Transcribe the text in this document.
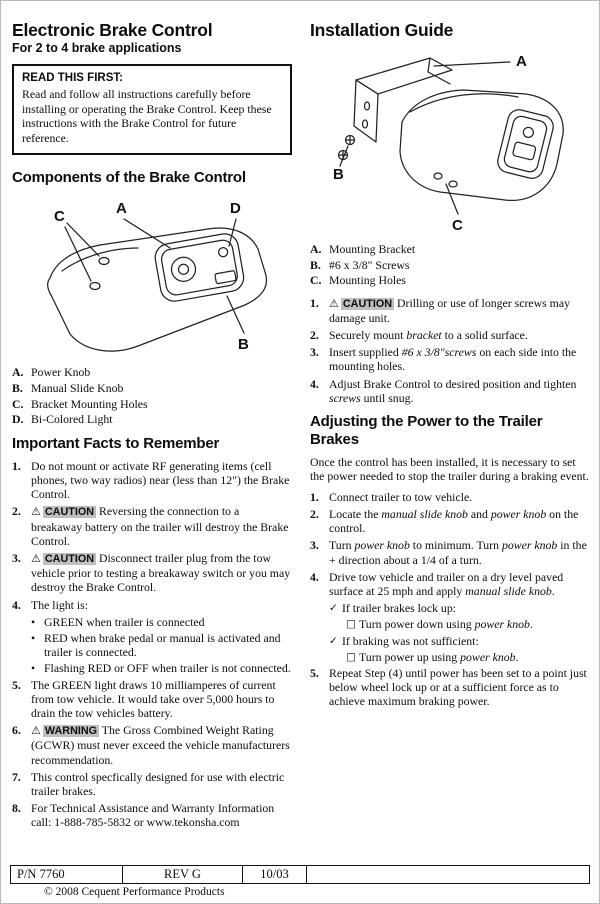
Electronic Brake Control
For 2 to 4 brake applications
READ THIS FIRST:

Read and follow all instructions carefully before installing or operating the Brake Control. Keep these instructions with the Brake Control for future reference.

Components of the Brake Control
C	A	D
B
A. Power Knob
B. Manual Slide Knob
C. Bracket Mounting Holes
D. Bi-Colored Light
Important Facts to Remember
1. Do not mount or activate RF generating items (cell phones, two way radios) near (less than 12") the Brake Control.
2. ⚠ CAUTION Reversing the connection to a breakaway battery on the trailer will destroy the Brake Control.
3. ⚠ CAUTION Disconnect trailer plug from the tow vehicle prior to testing a breakaway switch or you may destroy the Brake Control.
4. The light is:
• GREEN when trailer is connected
• RED when brake pedal or manual is activated and trailer is connected.
• Flashing RED or OFF when trailer is not connected.
5. The GREEN light draws 10 milliamperes of current from tow vehicle. It would take over 5,000 hours to drain the tow vehicles battery.
6. ⚠ WARNING The Gross Combined Weight Rating (GCWR) must never exceed the vehicle manufacturers recommendation.
7. This control specfically designed for use with electric trailer brakes.
8. For Technical Assistance and Warranty Information call: 1-888-785-5832 or www.tekonsha.com
Installation Guide
A
B
C
A. Mounting Bracket
B. #6 x 3/8" Screws
C. Mounting Holes
1. ⚠ CAUTION Drilling or use of longer screws may damage unit.
2. Securely mount bracket to a solid surface.
3. Insert supplied #6 x 3/8"screws on each side into the mounting holes.
4. Adjust Brake Control to desired position and tighten screws until snug.
Adjusting the Power to the Trailer Brakes

Once the control has been installed, it is necessary to set the power needed to stop the trailer during a braking event.

1. Connect trailer to tow vehicle.
2. Locate the manual slide knob and power knob on the control.
3. Turn power knob to minimum. Turn power knob in the + direction about a 1/4 of a turn.
4. Drive tow vehicle and trailer on a dry level paved surface at 25 mph and apply manual slide knob.
✓ If trailer brakes lock up:
□ Turn power down using power knob.
✓ If braking was not sufficient:
□ Turn power up using power knob.
5. Repeat Step (4) until power has been set to a point just below wheel lock up or at a sufficient force as to achieve maximum braking power.
P/N 7760	REV G	10/03
© 2008 Cequent Performance Products
